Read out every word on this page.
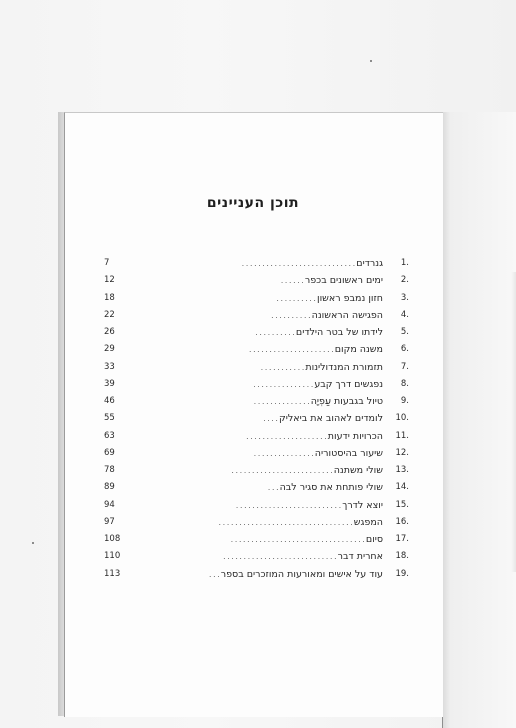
תוכן העניינים
1.
גנרדים............................
7
2.
ימים ראשונים בכפר......
12
3.
חזון נמבפ ראשון..........
18
4.
הפגישה הראשונה..........
22
5.
לידתו של בטר הילדים..........
26
6.
משנה מקום.....................
29
7.
תזמורת המנדולינות...........
33
8.
נפגשים דרך קבע...............
39
9.
טיול בגבעות עַפְיָה..............
46
10.
לומדים לאהוב את ביאליק....
55
11.
הכרויות ידעות....................
63
12.
שיעור בהיסטוריה...............
69
13.
שולי משתנה.........................
78
14.
שולי פותחת את סגיר לבה...
89
15.
יוצא לדרך..........................
94
16.
המפגש.................................
97
17.
סיום.................................
108
18.
אחרית דבר............................
110
19.
עוד על אישים ומאורעות המוזכרים בספר...
113
